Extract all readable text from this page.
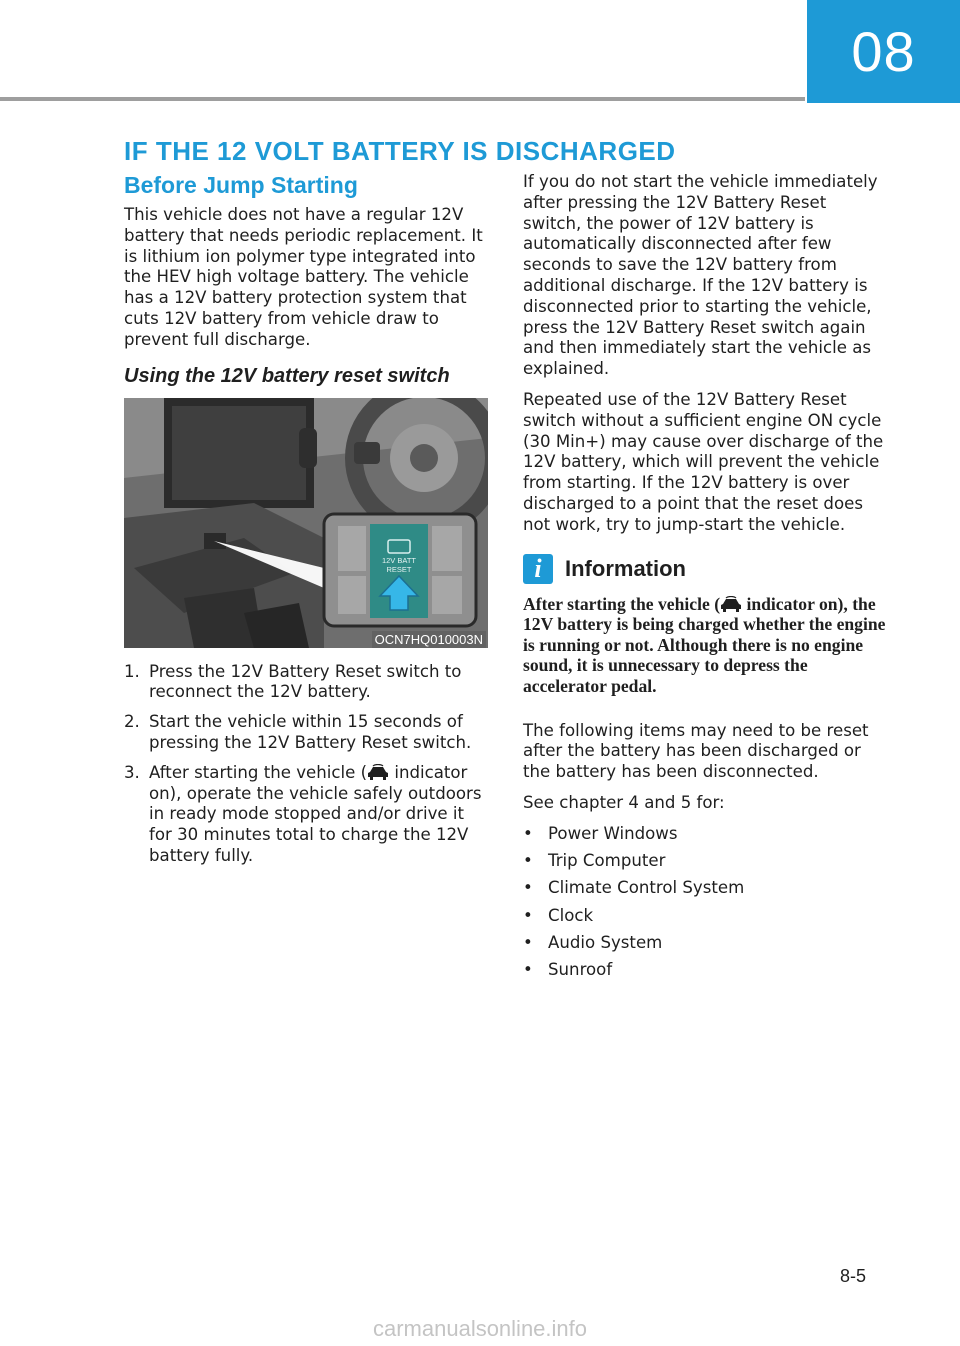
08
IF THE 12 VOLT BATTERY IS DISCHARGED
Before Jump Starting

This vehicle does not have a regular 12V battery that needs periodic replacement. It is lithium ion polymer type integrated into the HEV high voltage battery. The vehicle has a 12V battery protection system that cuts 12V battery from vehicle draw to prevent full discharge.

Using the 12V battery reset switch
12V BATT
RESET
OCN7HQ010003N
1. Press the 12V Battery Reset switch to reconnect the 12V battery.
2. Start the vehicle within 15 seconds of pressing the 12V Battery Reset switch.
3. After starting the vehicle ( indicator on), operate the vehicle safely outdoors in ready mode stopped and/or drive it for 30 minutes total to charge the 12V battery fully.

If you do not start the vehicle immediately after pressing the 12V Battery Reset switch, the power of 12V battery is automatically disconnected after few seconds to save the 12V battery from additional discharge. If the 12V battery is disconnected prior to starting the vehicle, press the 12V Battery Reset switch again and then immediately start the vehicle as explained.

Repeated use of the 12V Battery Reset switch without a sufficient engine ON cycle (30 Min+) may cause over discharge of the 12V battery, which will prevent the vehicle from starting. If the 12V battery is over discharged to a point that the reset does not work, try to jump-start the vehicle.

i	Information

After starting the vehicle ( indicator on), the 12V battery is being charged whether the engine is running or not. Although there is no engine sound, it is unnecessary to depress the accelerator pedal.

The following items may need to be reset after the battery has been discharged or the battery has been disconnected.

See chapter 4 and 5 for:

• Power Windows
• Trip Computer
• Climate Control System
• Clock
• Audio System
• Sunroof
8-5
carmanualsonline.info
